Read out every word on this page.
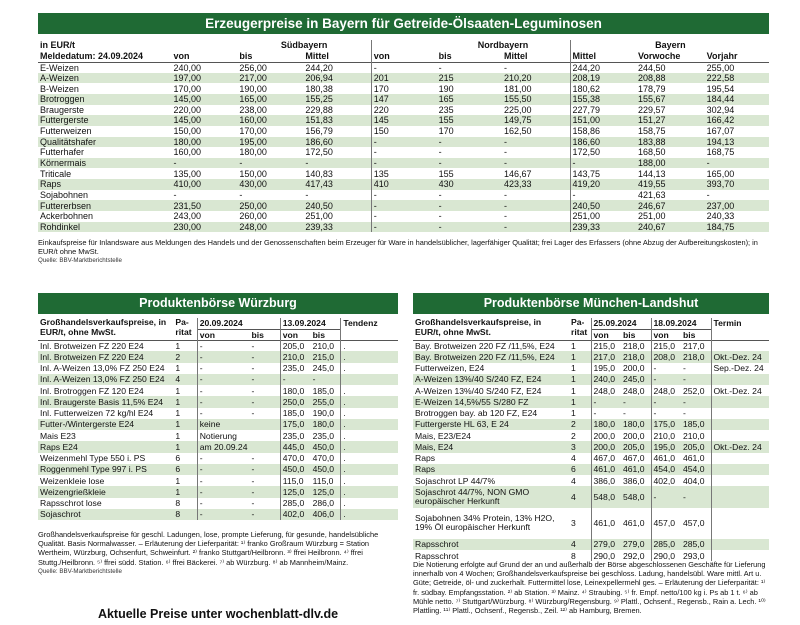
Erzeugerpreise in Bayern für Getreide-Ölsaaten-Leguminosen
in EUR/t		Südbayern			Nordbayern			Bayern	
Meldedatum: 24.09.2024	von	bis	Mittel	von	bis	Mittel	Mittel	Vorwoche	Vorjahr
E-Weizen	240,00	256,00	244,20	-	-	-	244,20	244,50	255,00
A-Weizen	197,00	217,00	206,94	201	215	210,20	208,19	208,88	222,58
B-Weizen	170,00	190,00	180,38	170	190	181,00	180,62	178,79	195,54
Brotroggen	145,00	165,00	155,25	147	165	155,50	155,38	155,67	184,44
Braugerste	220,00	238,00	229,88	220	235	225,00	227,79	229,57	302,94
Futtergerste	145,00	160,00	151,83	145	155	149,75	151,00	151,27	166,42
Futterweizen	150,00	170,00	156,79	150	170	162,50	158,86	158,75	167,07
Qualitätshafer	180,00	195,00	186,60	-	-	-	186,60	183,88	194,13
Futterhafer	160,00	180,00	172,50	-	-	-	172,50	168,50	168,75
Körnermais	-	-	-	-	-	-	-	188,00	-
Triticale	135,00	150,00	140,83	135	155	146,67	143,75	144,13	165,00
Raps	410,00	430,00	417,43	410	430	423,33	419,20	419,55	393,70
Sojabohnen	-	-	-	-	-	-	-	421,63	-
Futtererbsen	231,50	250,00	240,50	-	-	-	240,50	246,67	237,00
Ackerbohnen	243,00	260,00	251,00	-	-	-	251,00	251,00	240,33
Rohdinkel	230,00	248,00	239,33	-	-	-	239,33	240,67	184,75
Einkaufspreise für Inlandsware aus Meldungen des Handels und der Genossenschaften beim Erzeuger für Ware in handelsüblicher, lagerfähiger Qualität; frei Lager des Erfassers (ohne Abzug der Aufbereitungskosten); in EUR/t ohne MwSt.
Quelle: BBV-Marktberichtstelle
Produktenbörse Würzburg	Produktenbörse München-Landshut
Großhandelsverkaufspreise, in EUR/t, ohne MwSt.	Pa-ritat	20.09.2024		13.09.2024		Tendenz
		von	bis	von	bis	
Inl. Brotweizen FZ 220 E24	1	-	-	205,0	210,0	.
Inl. Brotweizen FZ 220 E24	2	-	-	210,0	215,0	.
Inl. A-Weizen 13,0% FZ 250 E24	1	-	-	235,0	245,0	.
Inl. A-Weizen 13,0% FZ 250 E24	4	-	-	-	-	
Inl. Brotroggen FZ 120 E24	1	-	-	180,0	185,0	.
Inl. Braugerste Basis 11,5% E24	1	-	-	250,0	255,0	.
Inl. Futterweizen 72 kg/hl E24	1	-	-	185,0	190,0	.
Futter-/Wintergerste E24	1	keine		175,0	180,0	.
Mais E23	1	Notierung		235,0	235,0	.
Raps E24	1	am 20.09.24		445,0	450,0	.
Weizenmehl Type 550 i. PS	6	-	-	470,0	470,0	.
Roggenmehl Type 997 i. PS	6	-	-	450,0	450,0	.
Weizenkleie lose	1	-	-	115,0	115,0	.
Weizengrießkleie	1	-	-	125,0	125,0	.
Rapsschrot lose	8	-	-	285,0	286,0	.
Sojaschrot	8	-	-	402,0	406,0	.
Großhandelsverkaufspreise, in EUR/t, ohne MwSt.	Pa-ritat	25.09.2024		18.09.2024		Termin
		von	bis	von	bis	
Bay. Brotweizen 220 FZ /11,5%, E24	1	215,0	218,0	215,0	217,0	
Bay. Brotweizen 220 FZ /11,5%, E24	1	217,0	218,0	208,0	218,0	Okt.-Dez. 24
Futterweizen, E24	1	195,0	200,0	-	-	Sep.-Dez. 24
A-Weizen 13%/40 S/240 FZ, E24	1	240,0	245,0	-	-	
A-Weizen 13%/40 S/240 FZ, E24	1	248,0	248,0	248,0	252,0	Okt.-Dez. 24
E-Weizen 14,5%/55 S/280 FZ	1	-	-	-	-	
Brotroggen bay. ab 120 FZ, E24	1	-	-	-	-	
Futtergerste HL 63, E 24	2	180,0	180,0	175,0	185,0	
Mais, E23/E24	2	200,0	200,0	210,0	210,0	
Mais, E24	3	200,0	205,0	195,0	205,0	Okt.-Dez. 24
Raps	4	467,0	467,0	461,0	461,0	
Raps	6	461,0	461,0	454,0	454,0	
Sojaschrot LP 44/7%	4	386,0	386,0	402,0	404,0	
Sojaschrot 44/7%, NON GMO europäischer Herkunft	4	548,0	548,0	-	-	
Sojabohnen 34% Protein, 13% H2O, 19% Öl europäischer Herkunft	3	461,0	461,0	457,0	457,0	
Rapsschrot	4	279,0	279,0	285,0	285,0	
Rapsschrot	8	290,0	292,0	290,0	293,0	
Großhandelsverkaufspreise für geschl. Ladungen, lose, prompte Lieferung, für gesunde, handelsübliche Qualität. Basis Normalwasser. – Erläuterung der Lieferparität: ¹⁾ franko Großraum Würzburg = Station Wertheim, Würzburg, Ochsenfurt, Schweinfurt. ²⁾ franko Stuttgart/Heilbronn. ³⁾ ffrei Heilbronn. ⁴⁾ ffrei Stuttg./Heilbronn. ⁵⁾ ffrei südd. Station. ⁶⁾ ffrei Bäckerei. ⁷⁾ ab Würzburg. ⁸⁾ ab Mannheim/Mainz.
Quelle: BBV-Marktberichtstelle
Die Notierung erfolgte auf Grund der an und außerhalb der Börse abgeschlossenen Geschäfte für Lieferung innerhalb von 4 Wochen; Großhandelsverkaufspreise bei geschloss. Ladung, handelsübl. Ware mittl. Art u. Güte; Getreide, öl- und zuckerhalt. Futtermittel lose, Leinexpellermehl ges. – Erläuterung der Lieferparität: ¹⁾ fr. südbay. Empfangsstation. ²⁾ ab Station. ³⁾ Mainz. ⁴⁾ Straubing. ⁵⁾ fr. Empf. netto/100 kg i. Ps ab 1 t. ⁶⁾ ab Mühle netto. ⁷⁾ Stuttgart/Würzburg. ⁸⁾ Würzburg/Regensburg. ⁹⁾ Plattl., Ochsenf., Regensb., Rain a. Lech. ¹⁰⁾ Plattling. ¹¹⁾ Plattl., Ochsenf., Regensb., Zeil. ¹²⁾ ab Hamburg, Bremen.
Aktuelle Preise unter wochenblatt-dlv.de
